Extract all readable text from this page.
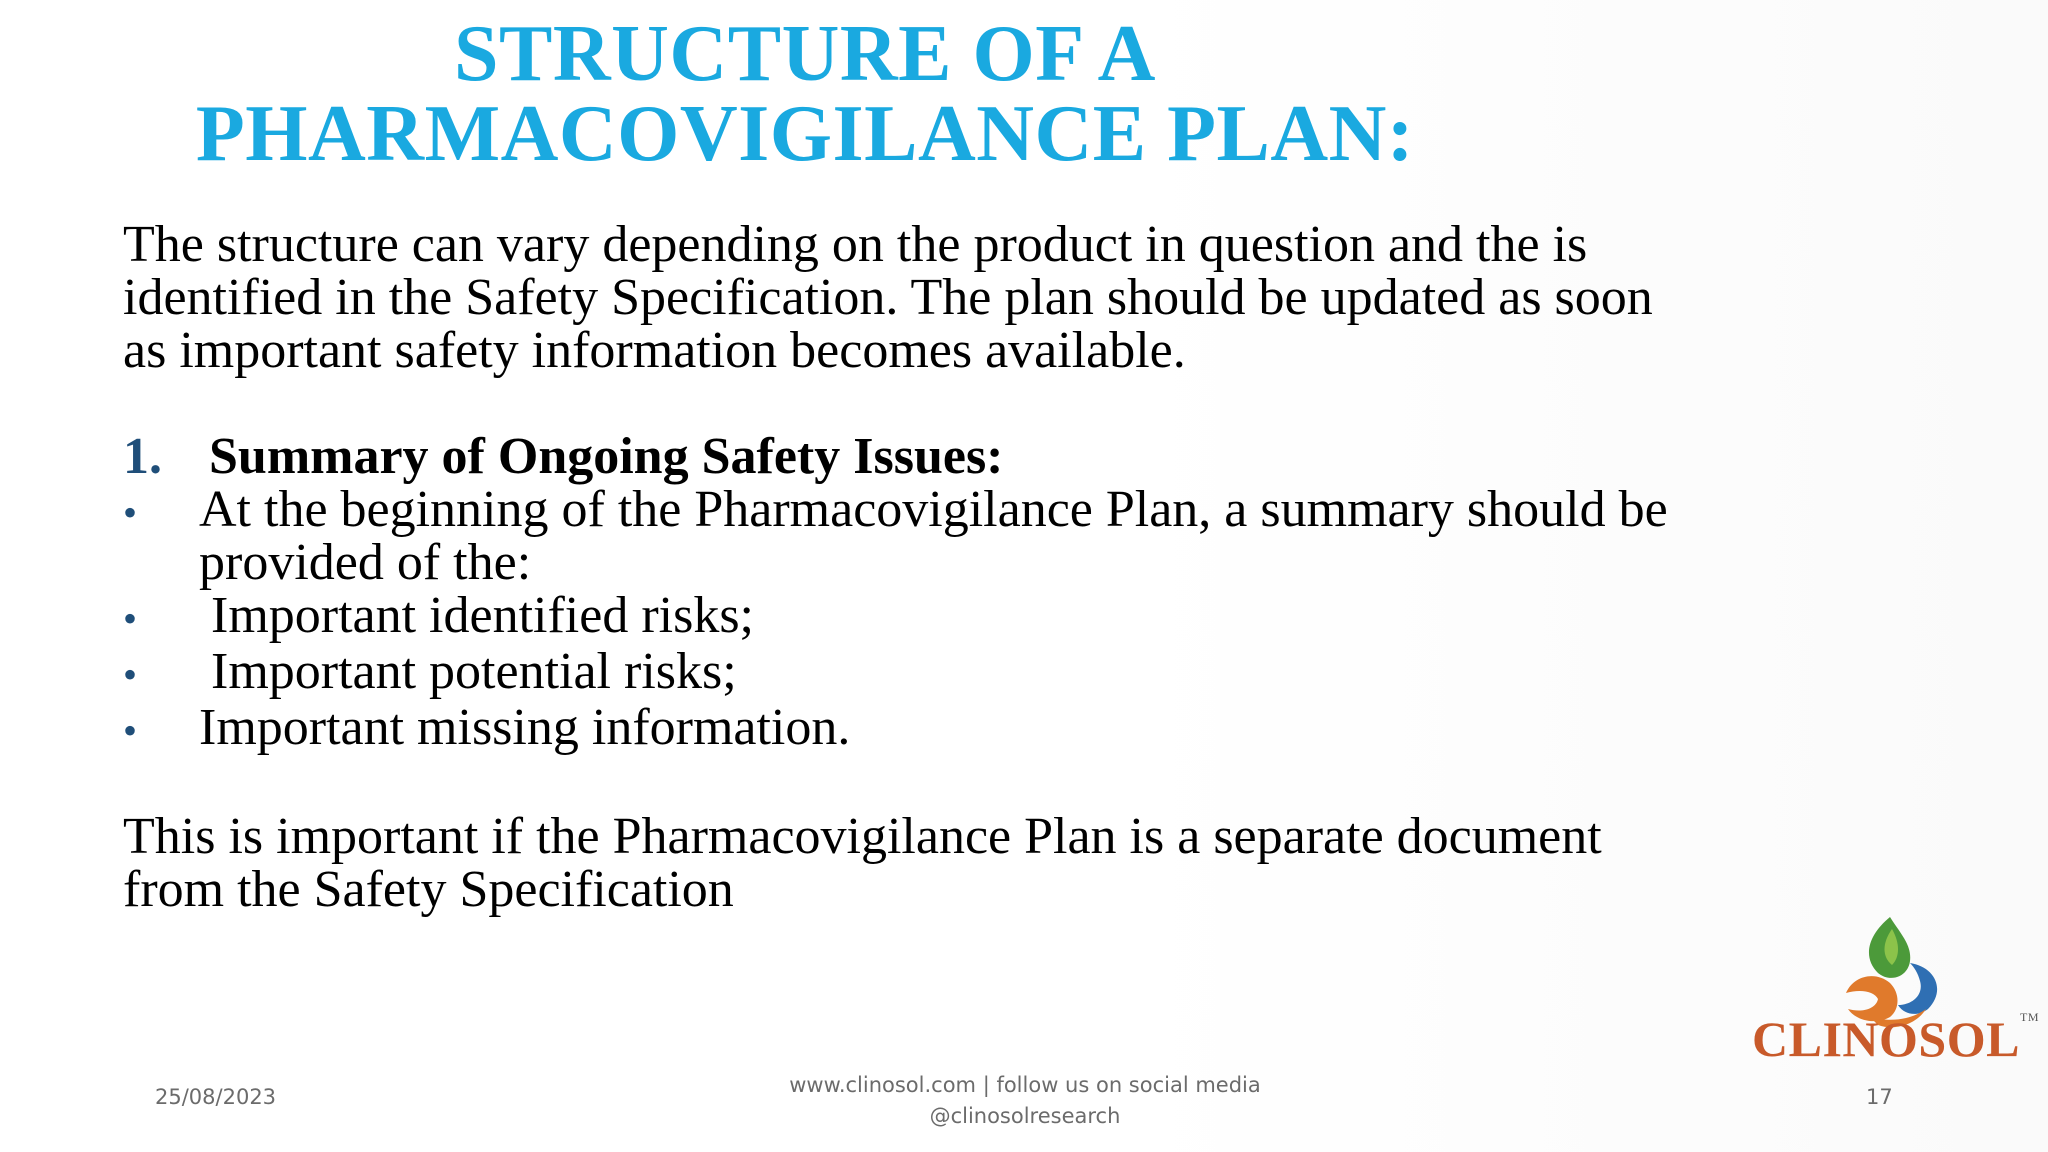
STRUCTURE OF A
PHARMACOVIGILANCE PLAN:

The structure can vary depending on the product in question and the is
identified in the Safety Specification. The plan should be updated as soon
as important safety information becomes available.

1. Summary of Ongoing Safety Issues:

•	At the beginning of the Pharmacovigilance Plan, a summary should be
provided of the:
•	Important identified risks;
•	Important potential risks;
•	Important missing information.

This is important if the Pharmacovigilance Plan is a separate document
from the Safety Specification

CLINOSOL™
25/08/2023	www.clinosol.com | follow us on social media
@clinosolresearch
17
